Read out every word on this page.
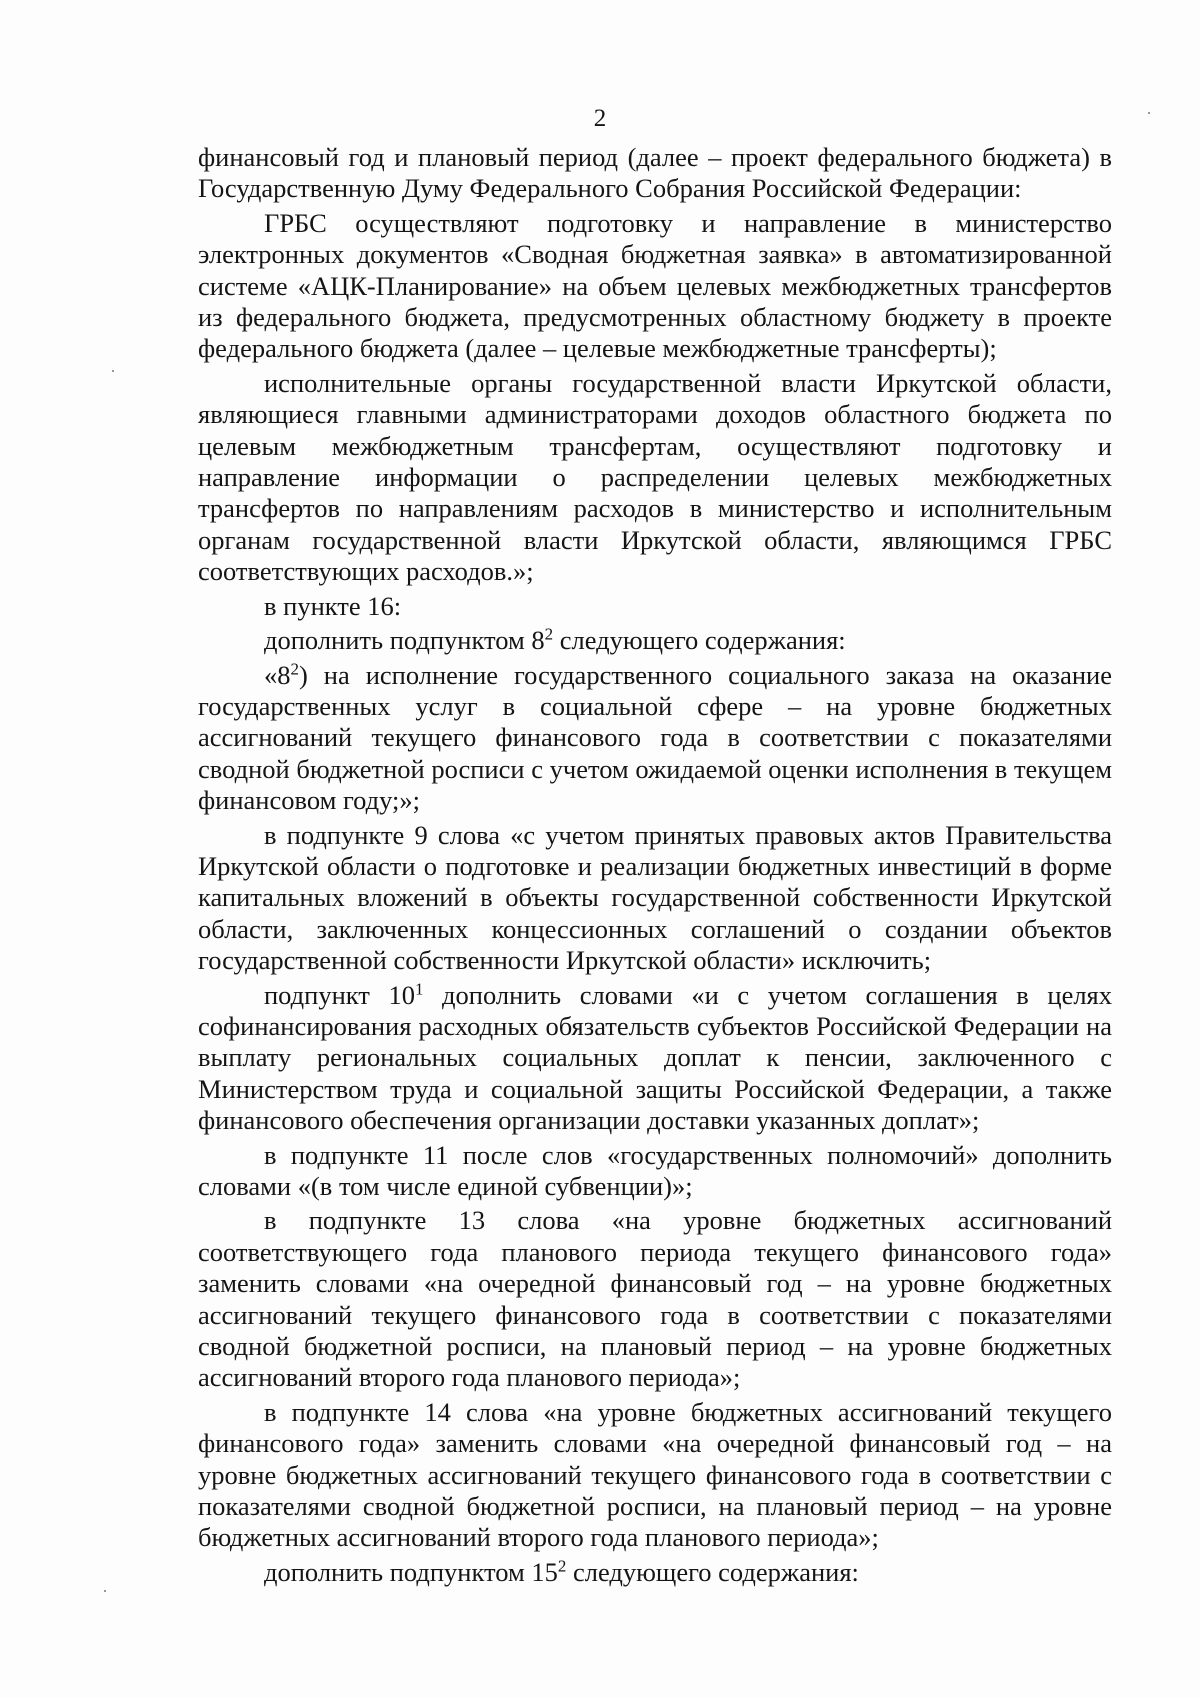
2

финансовый год и плановый период (далее – проект федерального бюджета) в Государственную Думу Федерального Собрания Российской Федерации:

ГРБС осуществляют подготовку и направление в министерство электронных документов «Сводная бюджетная заявка» в автоматизированной системе «АЦК-Планирование» на объем целевых межбюджетных трансфертов из федерального бюджета, предусмотренных областному бюджету в проекте федерального бюджета (далее – целевые межбюджетные трансферты);

исполнительные органы государственной власти Иркутской области, являющиеся главными администраторами доходов областного бюджета по целевым межбюджетным трансфертам, осуществляют подготовку и направление информации о распределении целевых межбюджетных трансфертов по направлениям расходов в министерство и исполнительным органам государственной власти Иркутской области, являющимся ГРБС соответствующих расходов.»;

в пункте 16:

дополнить подпунктом $8^2$ следующего содержания:

«$8^2$) на исполнение государственного социального заказа на оказание государственных услуг в социальной сфере – на уровне бюджетных ассигнований текущего финансового года в соответствии с показателями сводной бюджетной росписи с учетом ожидаемой оценки исполнения в текущем финансовом году;»;

в подпункте 9 слова «с учетом принятых правовых актов Правительства Иркутской области о подготовке и реализации бюджетных инвестиций в форме капитальных вложений в объекты государственной собственности Иркутской области, заключенных концессионных соглашений о создании объектов государственной собственности Иркутской области» исключить;

подпункт $10^1$ дополнить словами «и с учетом соглашения в целях софинансирования расходных обязательств субъектов Российской Федерации на выплату региональных социальных доплат к пенсии, заключенного с Министерством труда и социальной защиты Российской Федерации, а также финансового обеспечения организации доставки указанных доплат»;

в подпункте 11 после слов «государственных полномочий» дополнить словами «(в том числе единой субвенции)»;

в подпункте 13 слова «на уровне бюджетных ассигнований соответствующего года планового периода текущего финансового года» заменить словами «на очередной финансовый год – на уровне бюджетных ассигнований текущего финансового года в соответствии с показателями сводной бюджетной росписи, на плановый период – на уровне бюджетных ассигнований второго года планового периода»;

в подпункте 14 слова «на уровне бюджетных ассигнований текущего финансового года» заменить словами «на очередной финансовый год – на уровне бюджетных ассигнований текущего финансового года в соответствии с показателями сводной бюджетной росписи, на плановый период – на уровне бюджетных ассигнований второго года планового периода»;

дополнить подпунктом $15^2$ следующего содержания:
